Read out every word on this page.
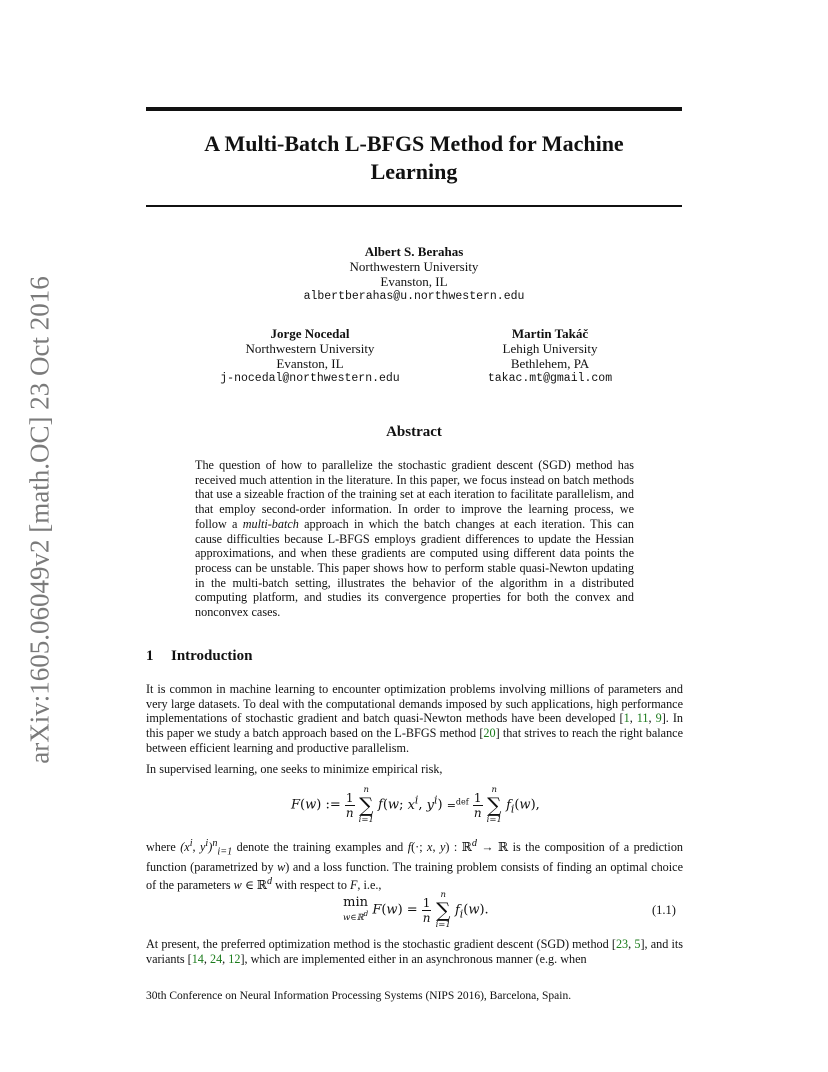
arXiv:1605.06049v2 [math.OC] 23 Oct 2016
A Multi-Batch L-BFGS Method for Machine
Learning
Albert S. Berahas
Northwestern University
Evanston, IL
albertberahas@u.northwestern.edu
Jorge Nocedal
Northwestern University
Evanston, IL
j-nocedal@northwestern.edu
Martin Takáč
Lehigh University
Bethlehem, PA
takac.mt@gmail.com
Abstract
The question of how to parallelize the stochastic gradient descent (SGD) method has received much attention in the literature. In this paper, we focus instead on batch methods that use a sizeable fraction of the training set at each iteration to facilitate parallelism, and that employ second-order information. In order to improve the learning process, we follow a multi-batch approach in which the batch changes at each iteration. This can cause difficulties because L-BFGS employs gradient differences to update the Hessian approximations, and when these gradients are computed using different data points the process can be unstable. This paper shows how to perform stable quasi-Newton updating in the multi-batch setting, illustrates the behavior of the algorithm in a distributed computing platform, and studies its convergence properties for both the convex and nonconvex cases.
1 Introduction
It is common in machine learning to encounter optimization problems involving millions of parameters and very large datasets. To deal with the computational demands imposed by such applications, high performance implementations of stochastic gradient and batch quasi-Newton methods have been developed [1, 11, 9]. In this paper we study a batch approach based on the L-BFGS method [20] that strives to reach the right balance between efficient learning and productive parallelism.
In supervised learning, one seeks to minimize empirical risk,
F(w) := $\frac{1}{n}$

n
∑
i=1
f(w; $x^i$, $y^i) =^{def} \frac{1}{n}$

n
∑
i=1
$f_i(w)$,
where ($x^i$, $y^i)^n_{i=1}$ denote the training examples and f(·; x, y) : ℝ$^d$ → ℝ is the composition of a prediction function (parametrized by w) and a loss function. The training problem consists of finding an optimal choice of the parameters w ∈ ℝ$^d$ with respect to F, i.e.,
min
w∈ℝ$^d$ $F(w) = \frac{1}{n}$

n
∑
i=1
$f_i(w)$.	(1.1)
At present, the preferred optimization method is the stochastic gradient descent (SGD) method [23, 5], and its variants [14, 24, 12], which are implemented either in an asynchronous manner (e.g. when
30th Conference on Neural Information Processing Systems (NIPS 2016), Barcelona, Spain.
